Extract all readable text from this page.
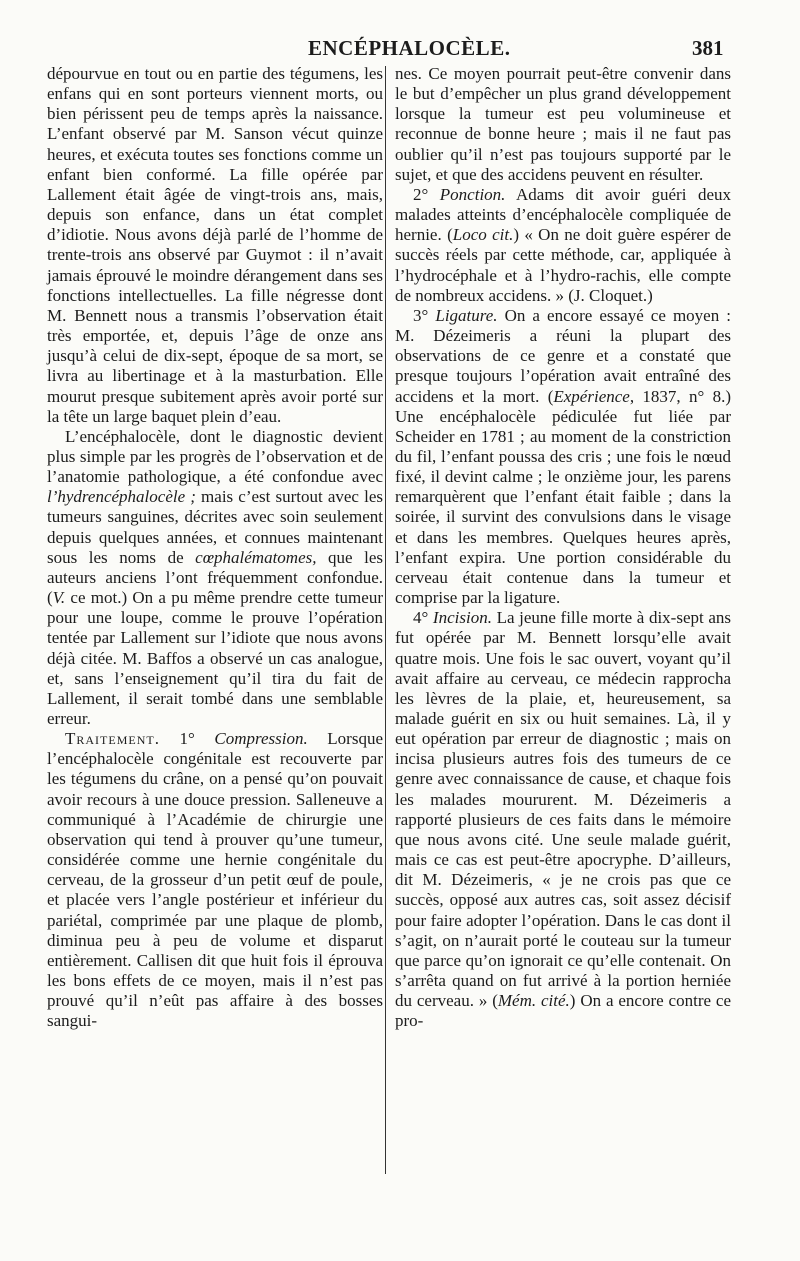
ENCÉPHALOCÈLE.	381

dépourvue en tout ou en partie des tégumens, les enfans qui en sont porteurs viennent morts, ou bien périssent peu de temps après la naissance. L’enfant observé par M. Sanson vécut quinze heures, et exécuta toutes ses fonctions comme un enfant bien conformé. La fille opérée par Lallement était âgée de vingt-trois ans, mais, depuis son enfance, dans un état complet d’idiotie. Nous avons déjà parlé de l’homme de trente-trois ans observé par Guymot : il n’avait jamais éprouvé le moindre dérangement dans ses fonctions intellectuelles. La fille négresse dont M. Bennett nous a transmis l’observation était très emportée, et, depuis l’âge de onze ans jusqu’à celui de dix-sept, époque de sa mort, se livra au libertinage et à la masturbation. Elle mourut presque subitement après avoir porté sur la tête un large baquet plein d’eau.

L’encéphalocèle, dont le diagnostic devient plus simple par les progrès de l’observation et de l’anatomie pathologique, a été confondue avec l’hydrencéphalocèle ; mais c’est surtout avec les tumeurs sanguines, décrites avec soin seulement depuis quelques années, et connues maintenant sous les noms de cœphalématomes, que les auteurs anciens l’ont fréquemment confondue. (V. ce mot.) On a pu même prendre cette tumeur pour une loupe, comme le prouve l’opération tentée par Lallement sur l’idiote que nous avons déjà citée. M. Baffos a observé un cas analogue, et, sans l’enseignement qu’il tira du fait de Lallement, il serait tombé dans une semblable erreur.

Traitement. 1° Compression. Lorsque l’encéphalocèle congénitale est recouverte par les tégumens du crâne, on a pensé qu’on pouvait avoir recours à une douce pression. Salleneuve a communiqué à l’Académie de chirurgie une observation qui tend à prouver qu’une tumeur, considérée comme une hernie congénitale du cerveau, de la grosseur d’un petit œuf de poule, et placée vers l’angle postérieur et inférieur du pariétal, comprimée par une plaque de plomb, diminua peu à peu de volume et disparut entièrement. Callisen dit que huit fois il éprouva les bons effets de ce moyen, mais il n’est pas prouvé qu’il n’eût pas affaire à des bosses sangui-

nes. Ce moyen pourrait peut-être convenir dans le but d’empêcher un plus grand développement lorsque la tumeur est peu volumineuse et reconnue de bonne heure ; mais il ne faut pas oublier qu’il n’est pas toujours supporté par le sujet, et que des accidens peuvent en résulter.

2° Ponction. Adams dit avoir guéri deux malades atteints d’encéphalocèle compliquée de hernie. (Loco cit.) « On ne doit guère espérer de succès réels par cette méthode, car, appliquée à l’hydrocéphale et à l’hydro-rachis, elle compte de nombreux accidens. » (J. Cloquet.)

3° Ligature. On a encore essayé ce moyen : M. Dézeimeris a réuni la plupart des observations de ce genre et a constaté que presque toujours l’opération avait entraîné des accidens et la mort. (Expérience, 1837, n° 8.) Une encéphalocèle pédiculée fut liée par Scheider en 1781 ; au moment de la constriction du fil, l’enfant poussa des cris ; une fois le nœud fixé, il devint calme ; le onzième jour, les parens remarquèrent que l’enfant était faible ; dans la soirée, il survint des convulsions dans le visage et dans les membres. Quelques heures après, l’enfant expira. Une portion considérable du cerveau était contenue dans la tumeur et comprise par la ligature.

4° Incision. La jeune fille morte à dix-sept ans fut opérée par M. Bennett lorsqu’elle avait quatre mois. Une fois le sac ouvert, voyant qu’il avait affaire au cerveau, ce médecin rapprocha les lèvres de la plaie, et, heureusement, sa malade guérit en six ou huit semaines. Là, il y eut opération par erreur de diagnostic ; mais on incisa plusieurs autres fois des tumeurs de ce genre avec connaissance de cause, et chaque fois les malades moururent. M. Dézeimeris a rapporté plusieurs de ces faits dans le mémoire que nous avons cité. Une seule malade guérit, mais ce cas est peut-être apocryphe. D’ailleurs, dit M. Dézeimeris, « je ne crois pas que ce succès, opposé aux autres cas, soit assez décisif pour faire adopter l’opération. Dans le cas dont il s’agit, on n’aurait porté le couteau sur la tumeur que parce qu’on ignorait ce qu’elle contenait. On s’arrêta quand on fut arrivé à la portion herniée du cerveau. » (Mém. cité.) On a encore contre ce pro-
